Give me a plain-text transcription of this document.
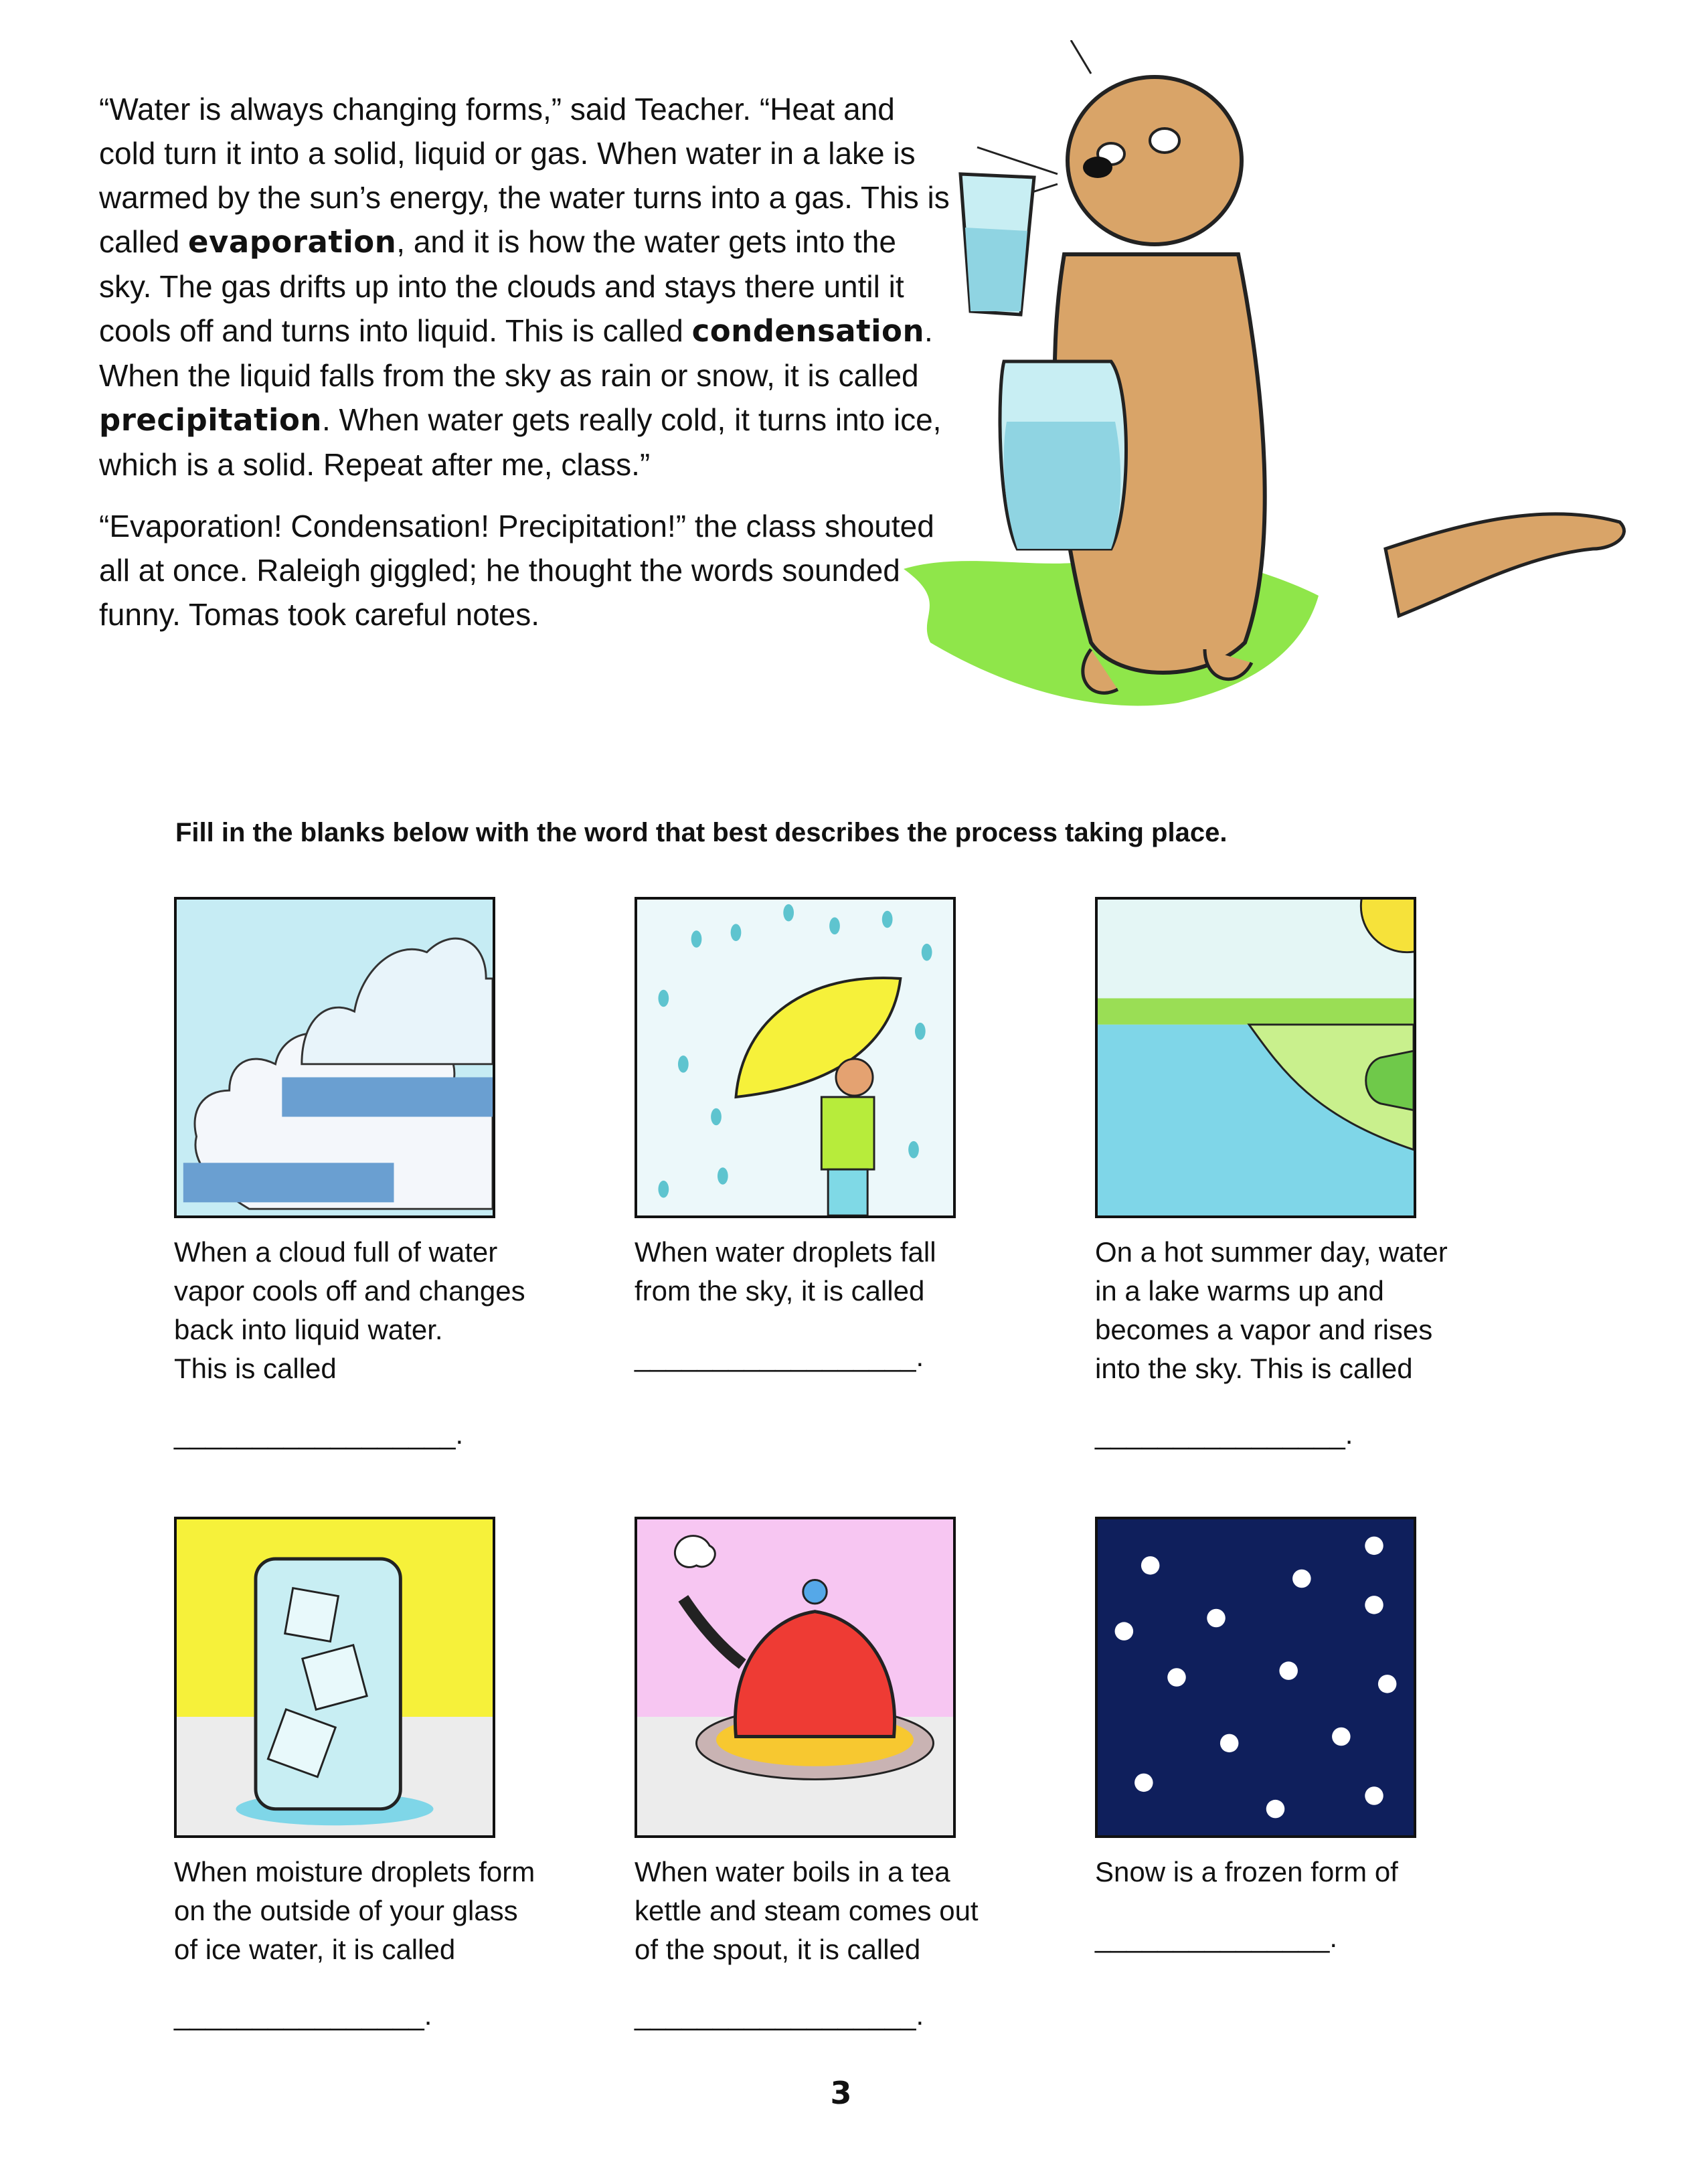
“Water is always changing forms,” said Teacher. “Heat and cold turn it into a solid, liquid or gas. When water in a lake is warmed by the sun’s energy, the water turns into a gas. This is called evaporation, and it is how the water gets into the sky. The gas drifts up into the clouds and stays there until it cools off and turns into liquid. This is called condensation. When the liquid falls from the sky as rain or snow, it is called precipitation. When water gets really cold, it turns into ice, which is a solid. Repeat after me, class.”

“Evaporation! Condensation! Precipitation!” the class shouted all at once. Raleigh giggled; he thought the words sounded funny. Tomas took careful notes.

Fill in the blanks below with the word that best describes the process taking place.
When a cloud full of water
vapor cools off and changes
back into liquid water.
This is called
__________________.
When water droplets fall
from the sky, it is called
__________________.
On a hot summer day, water
in a lake warms up and
becomes a vapor and rises
into the sky. This is called
________________.
When moisture droplets form
on the outside of your glass
of ice water, it is called
________________.
When water boils in a tea
kettle and steam comes out
of the spout, it is called
__________________.
Snow is a frozen form of
_______________.
3
